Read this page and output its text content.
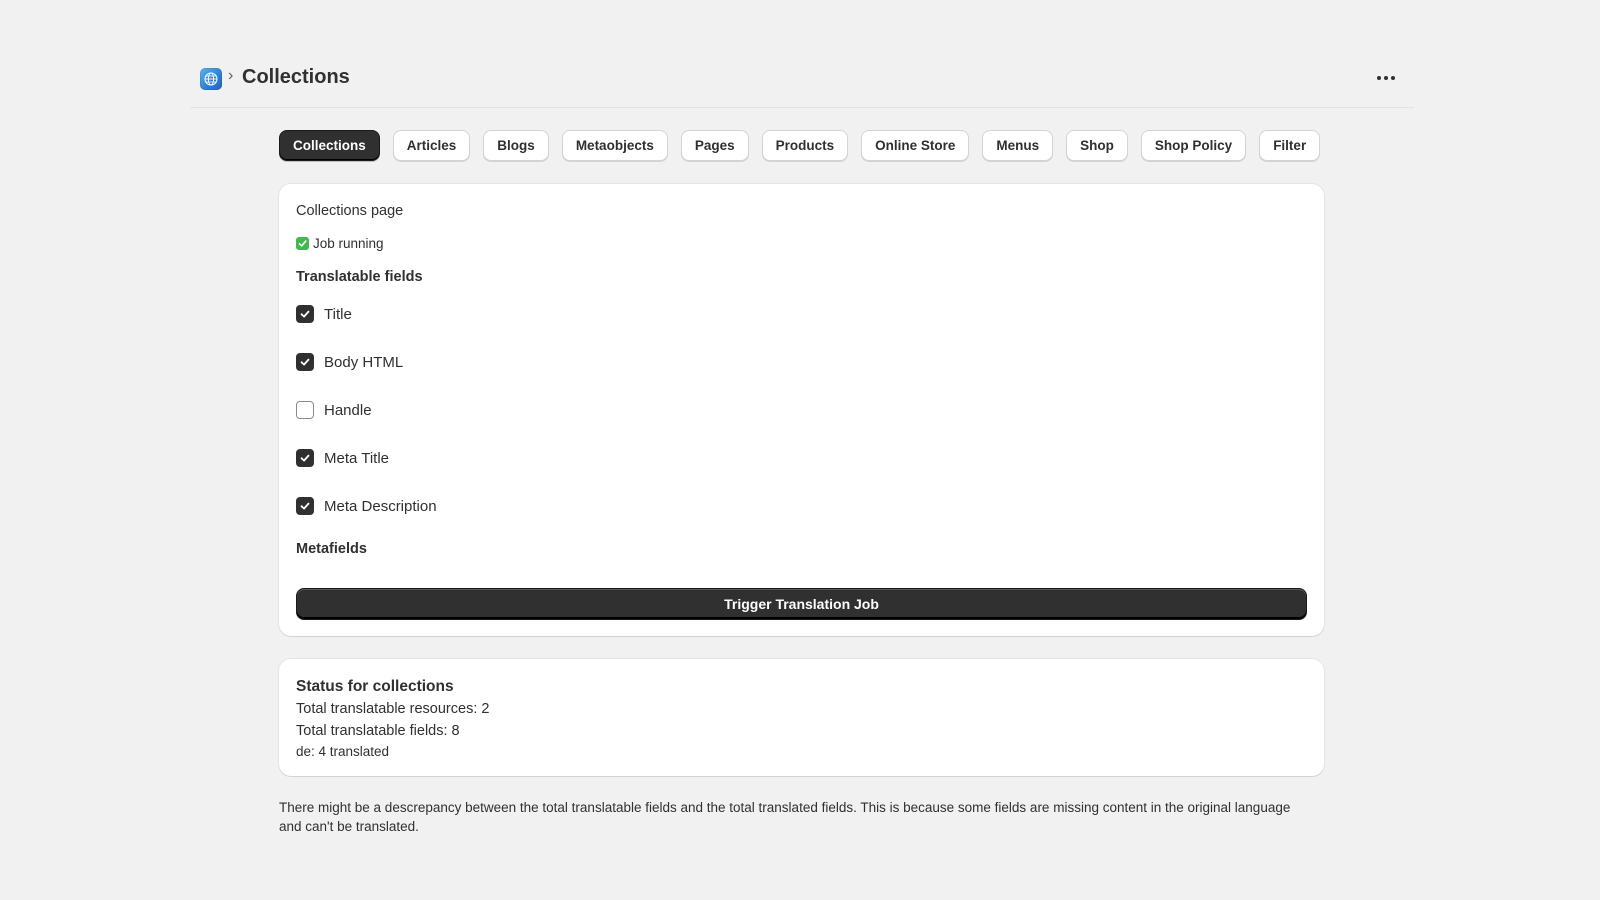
› Collections
Collections	Articles	Blogs	Metaobjects	Pages	Products	Online Store	Menus	Shop	Shop Policy	Filter
Collections page
Job running
Translatable fields
Title
Body HTML
Handle
Meta Title
Meta Description
Metafields
Trigger Translation Job
Status for collections
Total translatable resources: 2
Total translatable fields: 8
de: 4 translated

There might be a descrepancy between the total translatable fields and the total translated fields. This is because some fields are missing content in the original language and can't be translated.
